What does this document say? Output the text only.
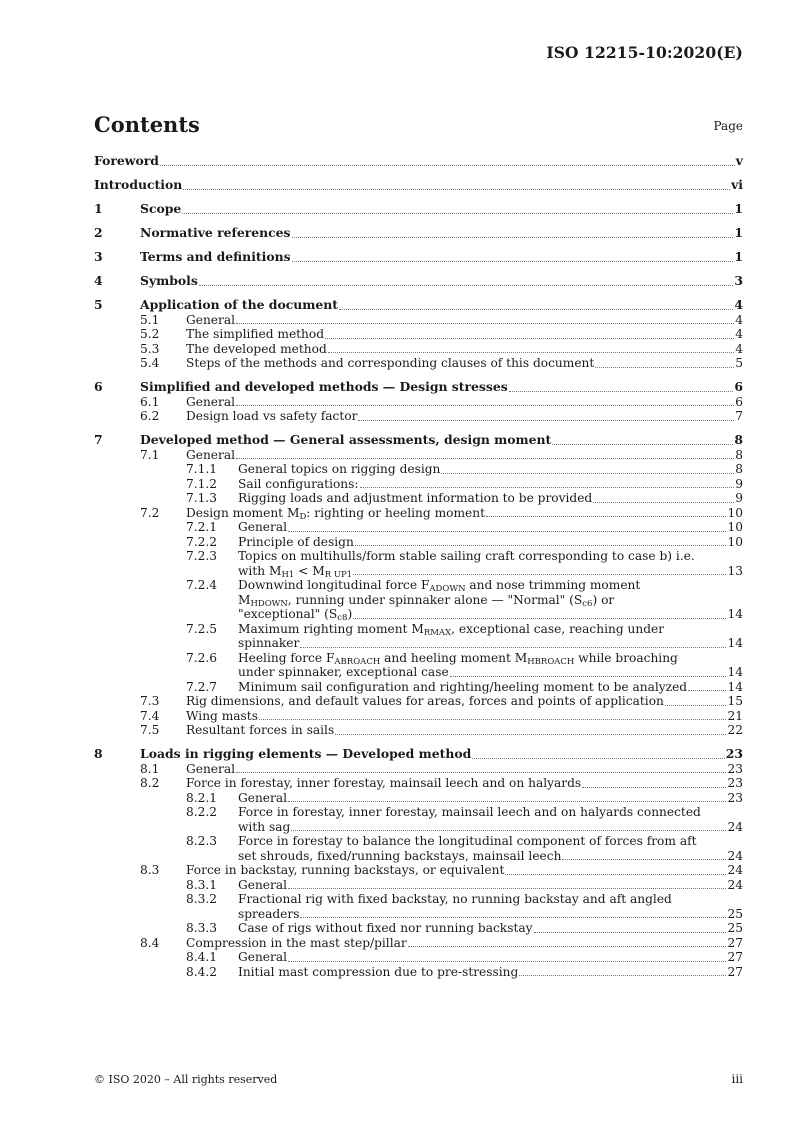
ISO 12215-10:2020(E)
Contents	Page
Foreword	v
Introduction	vi
1	Scope	1
2	Normative references	1
3	Terms and definitions	1
4	Symbols	3
5	Application of the document	4
5.1	General	4
5.2	The simplified method	4
5.3	The developed method	4
5.4	Steps of the methods and corresponding clauses of this document	5
6	Simplified and developed methods — Design stresses	6
6.1	General	6
6.2	Design load vs safety factor	7
7	Developed method — General assessments, design moment	8
7.1	General	8
7.1.1	General topics on rigging design	8
7.1.2	Sail configurations:	9
7.1.3	Rigging loads and adjustment information to be provided	9
7.2	Design moment $M_D$: righting or heeling moment	10
7.2.1	General	10
7.2.2	Principle of design	10
7.2.3	Topics on multihulls/form stable sailing craft corresponding to case b) i.e.
with $M_{H1} < M_{R UP1}$	13
7.2.4	Downwind longitudinal force $F_{ADOWN}$ and nose trimming moment
$M_{HDOWN}$, running under spinnaker alone — "Normal" $(S_{c6})$ or
"exceptional" $(S_{c8})$	14
7.2.5	Maximum righting moment $M_{RMAX}$, exceptional case, reaching under
spinnaker	14
7.2.6	Heeling force $F_{ABROACH}$ and heeling moment $M_{HBROACH}$ while broaching
under spinnaker, exceptional case	14
7.2.7	Minimum sail configuration and righting/heeling moment to be analyzed	14
7.3	Rig dimensions, and default values for areas, forces and points of application	15
7.4	Wing masts	21
7.5	Resultant forces in sails	22
8	Loads in rigging elements — Developed method	23
8.1	General	23
8.2	Force in forestay, inner forestay, mainsail leech and on halyards	23
8.2.1	General	23
8.2.2	Force in forestay, inner forestay, mainsail leech and on halyards connected
with sag	24
8.2.3	Force in forestay to balance the longitudinal component of forces from aft
set shrouds, fixed/running backstays, mainsail leech	24
8.3	Force in backstay, running backstays, or equivalent	24
8.3.1	General	24
8.3.2	Fractional rig with fixed backstay, no running backstay and aft angled
spreaders	25
8.3.3	Case of rigs without fixed nor running backstay	25
8.4	Compression in the mast step/pillar	27
8.4.1	General	27
8.4.2	Initial mast compression due to pre-stressing	27
© ISO 2020 – All rights reserved	iii
